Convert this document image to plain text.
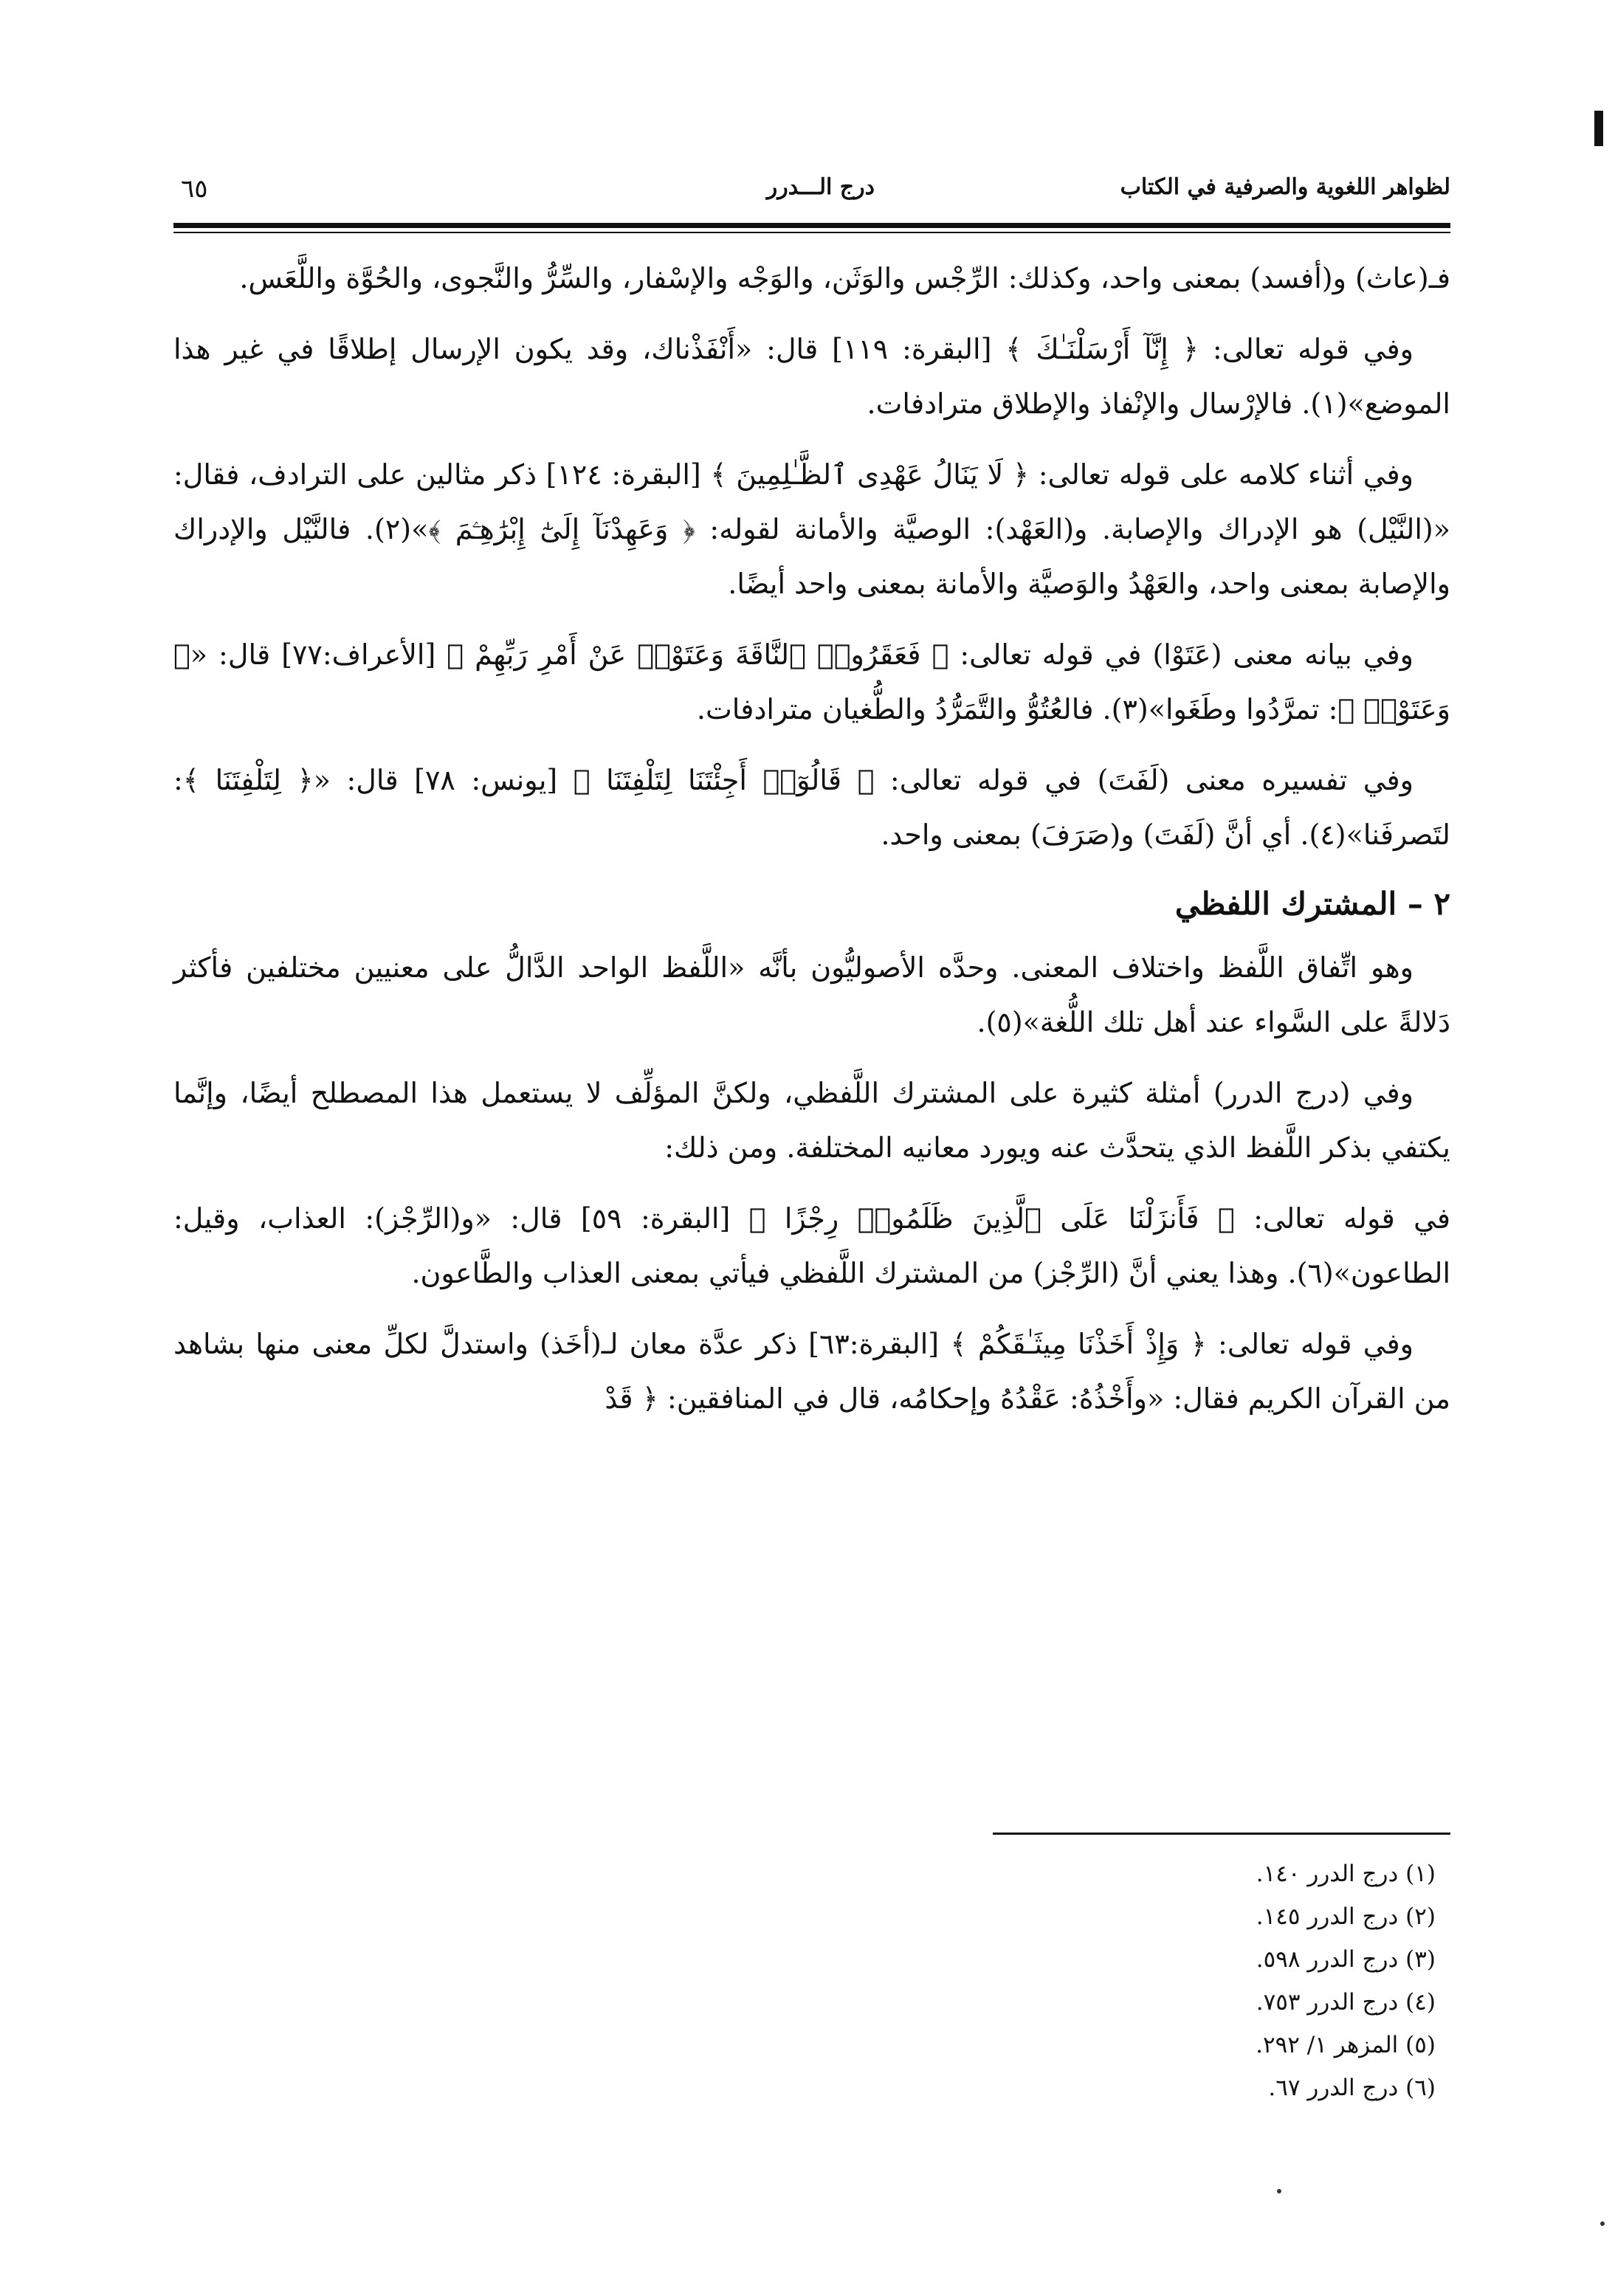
لظواهر اللغوية والصرفية في الكتاب
درج الـــدرر
٦٥

فـ(عاث) و(أفسد) بمعنى واحد، وكذلك: الرِّجْس والوَثَن، والوَجْه والإسْفار، والسِّرُّ والنَّجوى، والحُوَّة واللَّعَس.

وفي قوله تعالى: ﴿ إِنَّآ أَرْسَلْنَـٰكَ ﴾ [البقرة: ١١٩] قال: «أَنْفَذْناك، وقد يكون الإرسال إطلاقًا في غير هذا الموضع»(١). فالإرْسال والإنْفاذ والإطلاق مترادفات.

وفي أثناء كلامه على قوله تعالى: ﴿ لَا يَنَالُ عَهْدِى ٱلظَّـٰلِمِينَ ﴾ [البقرة: ١٢٤] ذكر مثالين على الترادف، فقال: «(النَّيْل) هو الإدراك والإصابة. و(العَهْد): الوصيَّة والأمانة لقوله: ﴿ وَعَهِدْنَآ إِلَىٰٓ إِبْرَٰهِـۧمَ ﴾»(٢). فالنَّيْل والإدراك والإصابة بمعنى واحد، والعَهْدُ والوَصيَّة والأمانة بمعنى واحد أيضًا.

وفي بيانه معنى (عَتَوْا) في قوله تعالى: ﴿ فَعَقَرُوا۟ ٱلنَّاقَةَ وَعَتَوْا۟ عَنْ أَمْرِ رَبِّهِمْ ﴾ [الأعراف:٧٧] قال: «﴿ وَعَتَوْا۟ ﴾: تمرَّدُوا وطَغَوا»(٣). فالعُتُوُّ والتَّمَرُّدُ والطُّغيان مترادفات.

وفي تفسيره معنى (لَفَتَ) في قوله تعالى: ﴿ قَالُوٓا۟ أَجِئْتَنَا لِتَلْفِتَنَا ﴾ [يونس: ٧٨] قال: «﴿ لِتَلْفِتَنَا ﴾: لتَصرفَنا»(٤). أي أنَّ (لَفَتَ) و(صَرَفَ) بمعنى واحد.

٢ – المشترك اللفظي

وهو اتِّفاق اللَّفظ واختلاف المعنى. وحدَّه الأصوليُّون بأنَّه «اللَّفظ الواحد الدَّالُّ على معنيين مختلفين فأكثر دَلالةً على السَّواء عند أهل تلك اللُّغة»(٥).

وفي (درج الدرر) أمثلة كثيرة على المشترك اللَّفظي، ولكنَّ المؤلِّف لا يستعمل هذا المصطلح أيضًا، وإنَّما يكتفي بذكر اللَّفظ الذي يتحدَّث عنه ويورد معانيه المختلفة. ومن ذلك:

في قوله تعالى: ﴿ فَأَنزَلْنَا عَلَى ٱلَّذِينَ ظَلَمُوا۟ رِجْزًا ﴾ [البقرة: ٥٩] قال: «و(الرِّجْز): العذاب، وقيل: الطاعون»(٦). وهذا يعني أنَّ (الرِّجْز) من المشترك اللَّفظي فيأتي بمعنى العذاب والطَّاعون.

وفي قوله تعالى: ﴿ وَإِذْ أَخَذْنَا مِيثَـٰقَكُمْ ﴾ [البقرة:٦٣] ذكر عدَّة معان لـ(أخَذ) واستدلَّ لكلِّ معنى منها بشاهد من القرآن الكريم فقال: «وأَخْذُهُ: عَقْدُهُ وإحكامُه، قال في المنافقين: ﴿ قَدْ

(١) درج الدرر ١٤٠.
(٢) درج الدرر ١٤٥.
(٣) درج الدرر ٥٩٨.
(٤) درج الدرر ٧٥٣.
(٥) المزهر ١/ ٢٩٢.
(٦) درج الدرر ٦٧.
